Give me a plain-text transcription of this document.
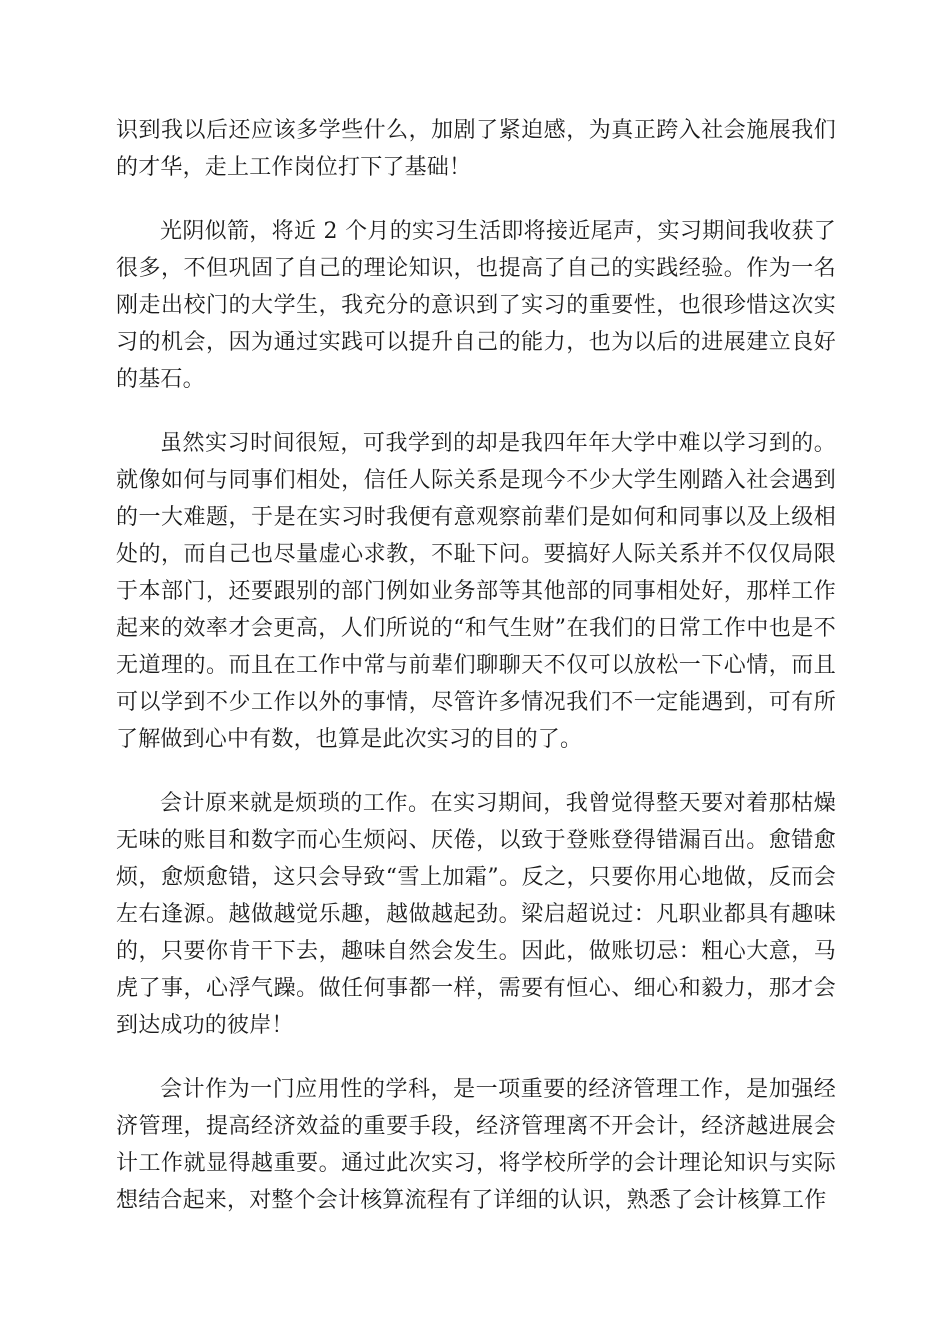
识到我以后还应该多学些什么，加剧了紧迫感，为真正跨入社会施展我们的才华，走上工作岗位打下了基础！

光阴似箭，将近 2 个月的实习生活即将接近尾声，实习期间我收获了很多，不但巩固了自己的理论知识，也提高了自己的实践经验。作为一名刚走出校门的大学生，我充分的意识到了实习的重要性，也很珍惜这次实习的机会，因为通过实践可以提升自己的能力，也为以后的进展建立良好的基石。

虽然实习时间很短，可我学到的却是我四年年大学中难以学习到的。就像如何与同事们相处，信任人际关系是现今不少大学生刚踏入社会遇到的一大难题，于是在实习时我便有意观察前辈们是如何和同事以及上级相处的，而自己也尽量虚心求教，不耻下问。要搞好人际关系并不仅仅局限于本部门，还要跟别的部门例如业务部等其他部的同事相处好，那样工作起来的效率才会更高，人们所说的“和气生财”在我们的日常工作中也是不无道理的。而且在工作中常与前辈们聊聊天不仅可以放松一下心情，而且可以学到不少工作以外的事情，尽管许多情况我们不一定能遇到，可有所了解做到心中有数，也算是此次实习的目的了。

会计原来就是烦琐的工作。在实习期间，我曾觉得整天要对着那枯燥无味的账目和数字而心生烦闷、厌倦，以致于登账登得错漏百出。愈错愈烦，愈烦愈错，这只会导致“雪上加霜”。反之，只要你用心地做，反而会左右逢源。越做越觉乐趣，越做越起劲。梁启超说过：凡职业都具有趣味的，只要你肯干下去，趣味自然会发生。因此，做账切忌：粗心大意，马虎了事，心浮气躁。做任何事都一样，需要有恒心、细心和毅力，那才会到达成功的彼岸！

会计作为一门应用性的学科，是一项重要的经济管理工作，是加强经济管理，提高经济效益的重要手段，经济管理离不开会计，经济越进展会计工作就显得越重要。通过此次实习，将学校所学的会计理论知识与实际想结合起来，对整个会计核算流程有了详细的认识，熟悉了会计核算工作
